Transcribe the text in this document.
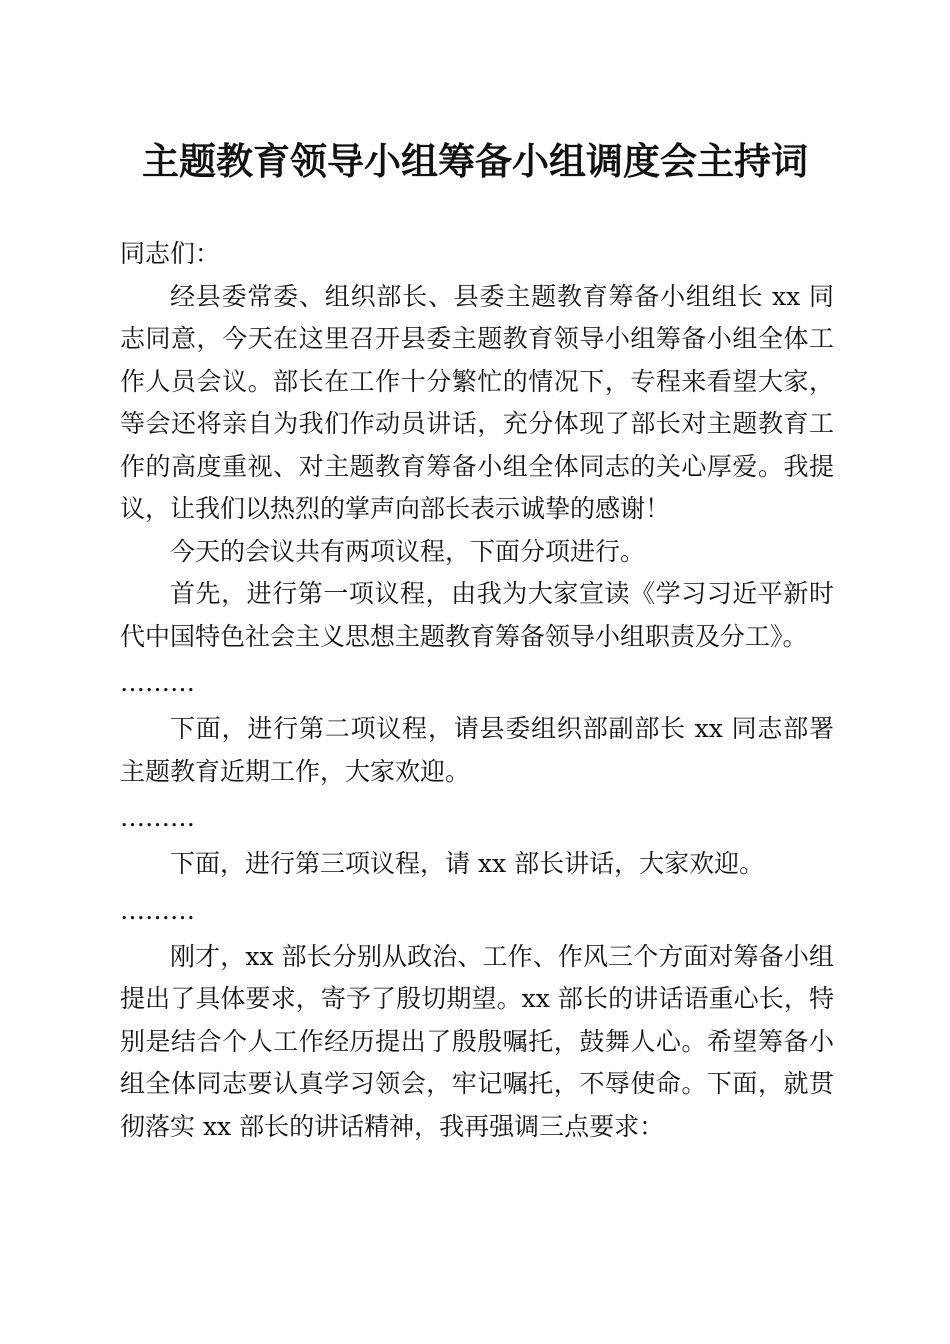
主题教育领导小组筹备小组调度会主持词

同志们：

经县委常委、组织部长、县委主题教育筹备小组组长 xx 同志同意，今天在这里召开县委主题教育领导小组筹备小组全体工作人员会议。部长在工作十分繁忙的情况下，专程来看望大家，等会还将亲自为我们作动员讲话，充分体现了部长对主题教育工作的高度重视、对主题教育筹备小组全体同志的关心厚爱。我提议，让我们以热烈的掌声向部长表示诚挚的感谢！

今天的会议共有两项议程，下面分项进行。

首先，进行第一项议程，由我为大家宣读《学习习近平新时代中国特色社会主义思想主题教育筹备领导小组职责及分工》。

………

下面，进行第二项议程，请县委组织部副部长 xx 同志部署主题教育近期工作，大家欢迎。

………

下面，进行第三项议程，请 xx 部长讲话，大家欢迎。

………

刚才，xx 部长分别从政治、工作、作风三个方面对筹备小组提出了具体要求，寄予了殷切期望。xx 部长的讲话语重心长，特别是结合个人工作经历提出了殷殷嘱托，鼓舞人心。希望筹备小组全体同志要认真学习领会，牢记嘱托，不辱使命。下面，就贯彻落实 xx 部长的讲话精神，我再强调三点要求：
